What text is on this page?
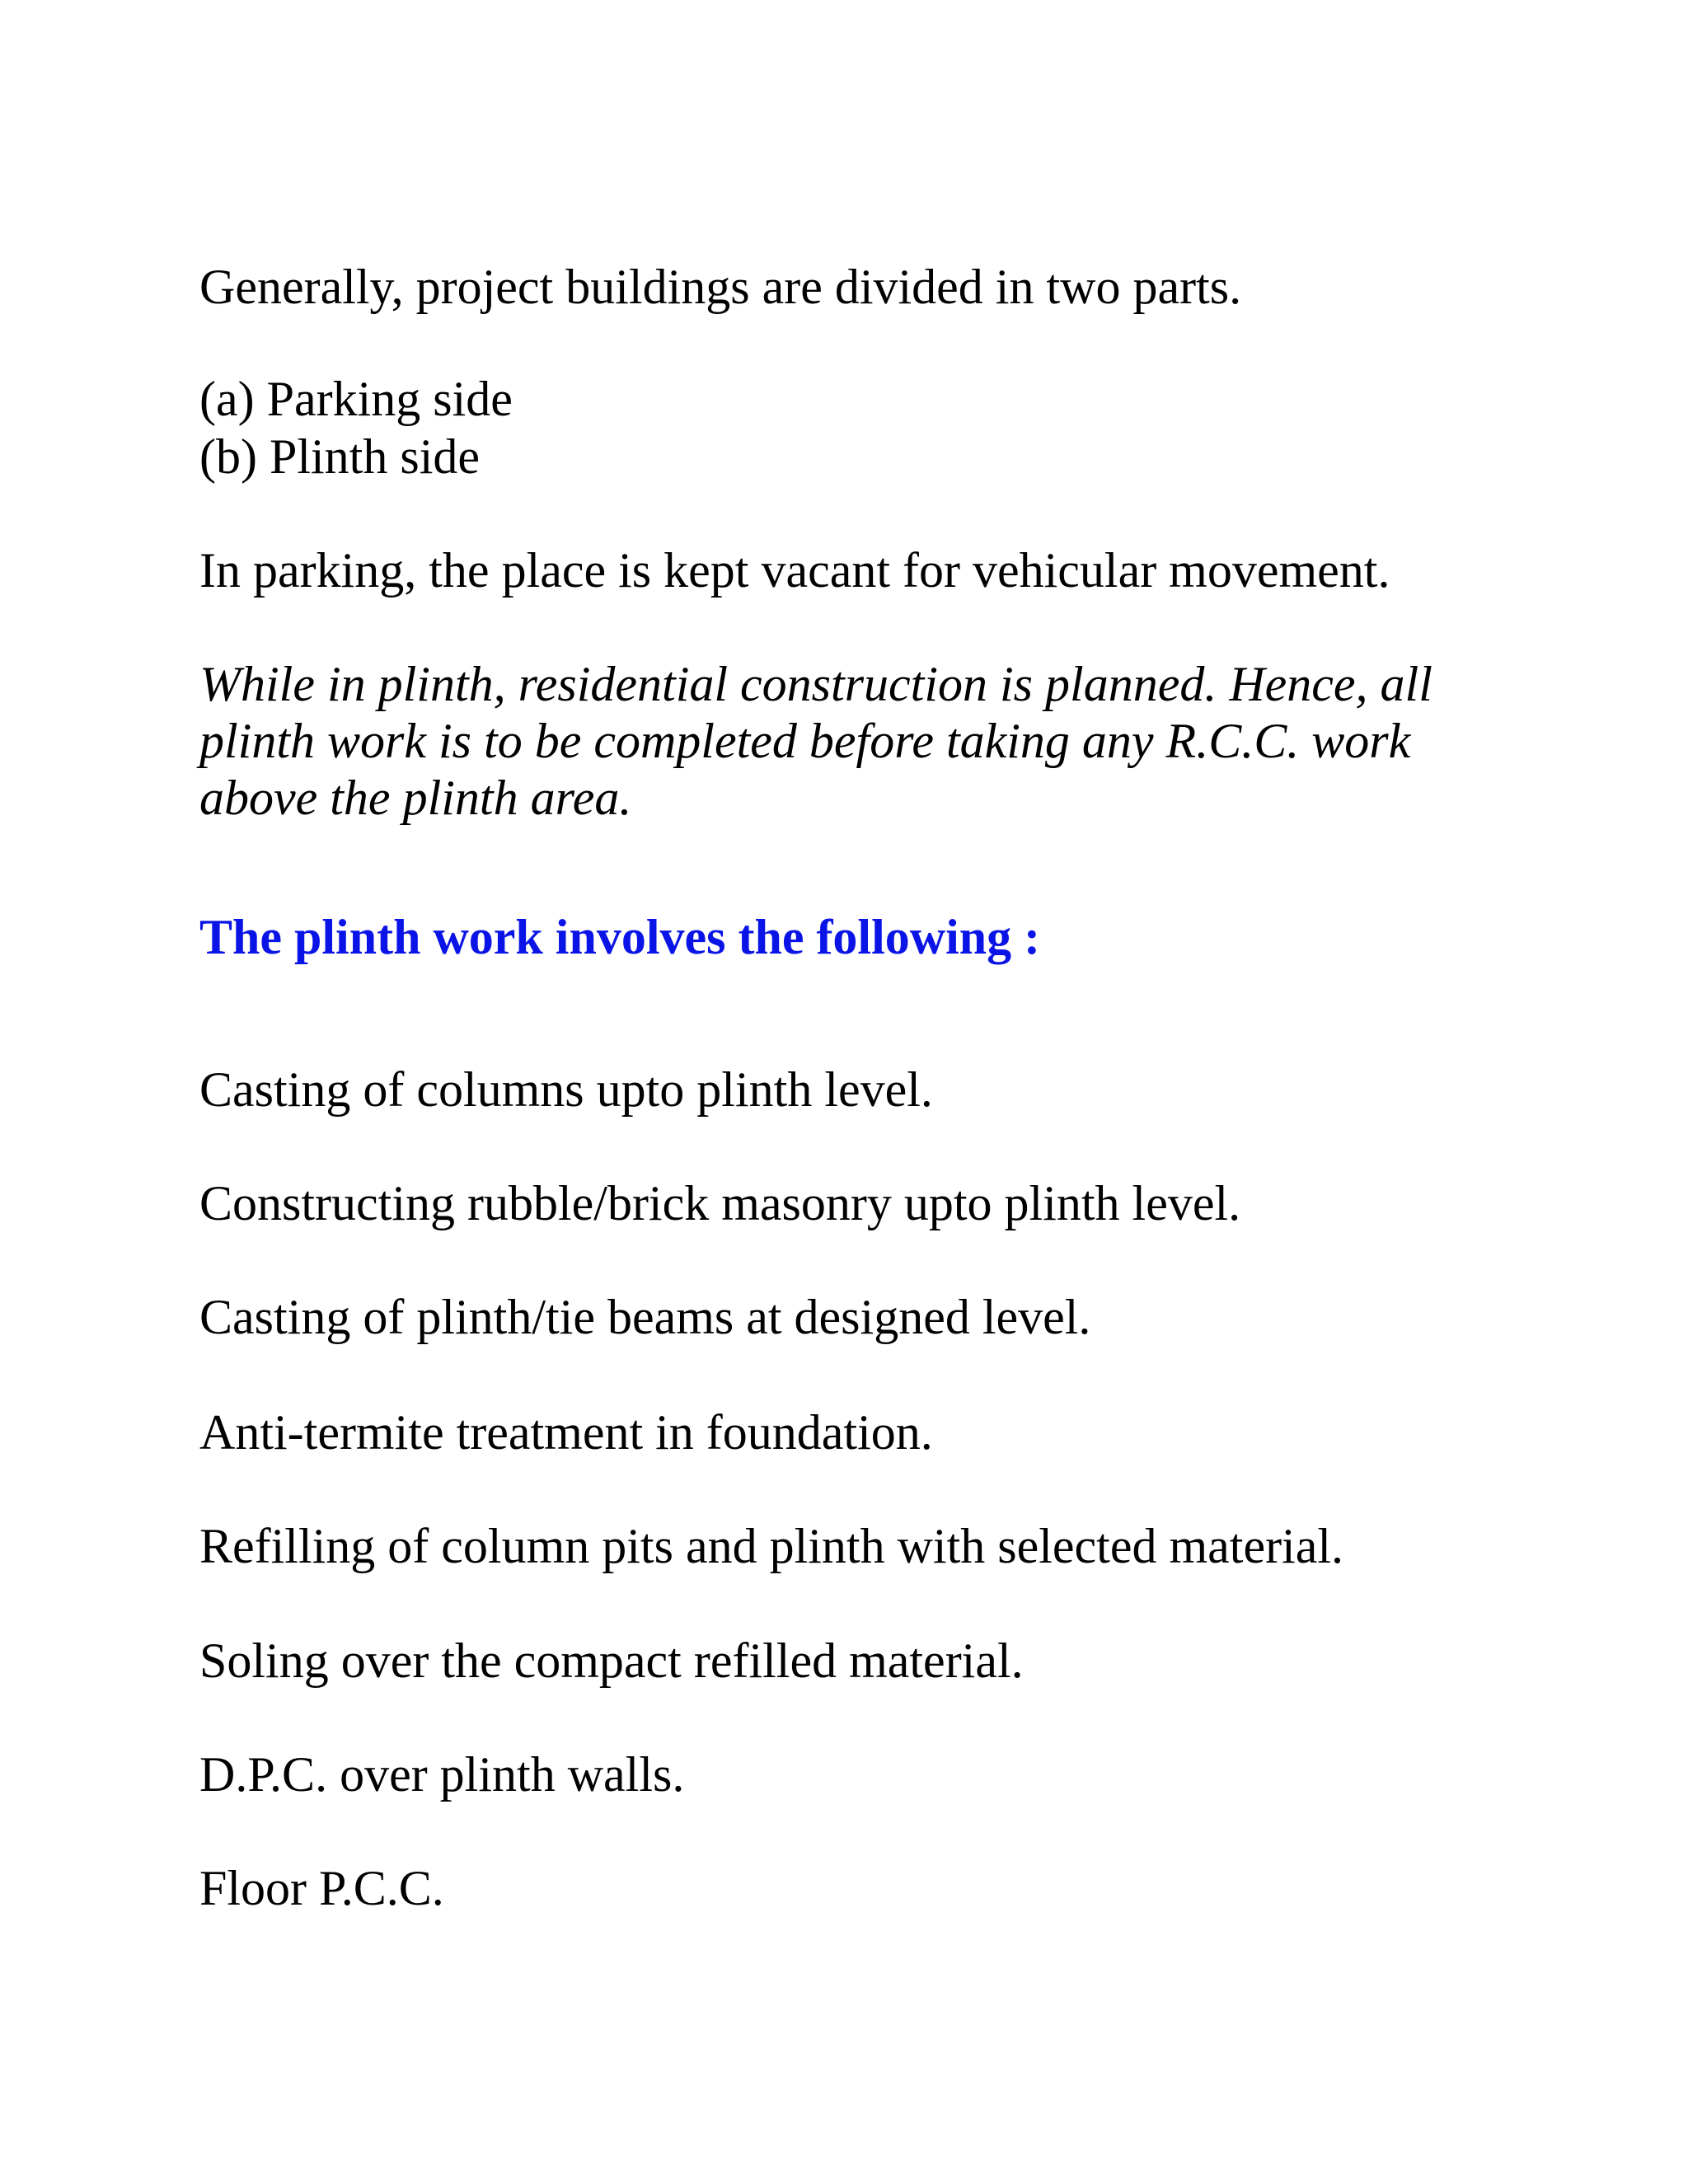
Generally, project buildings are divided in two parts.

(a) Parking side

(b) Plinth side

In parking, the place is kept vacant for vehicular movement.

While in plinth, residential construction is planned. Hence, all

plinth work is to be completed before taking any R.C.C. work

above the plinth area.

The plinth work involves the following :

Casting of columns upto plinth level.

Constructing rubble/brick masonry upto plinth level.

Casting of plinth/tie beams at designed level.

Anti-termite treatment in foundation.

Refilling of column pits and plinth with selected material.

Soling over the compact refilled material.

D.P.C. over plinth walls.

Floor P.C.C.
